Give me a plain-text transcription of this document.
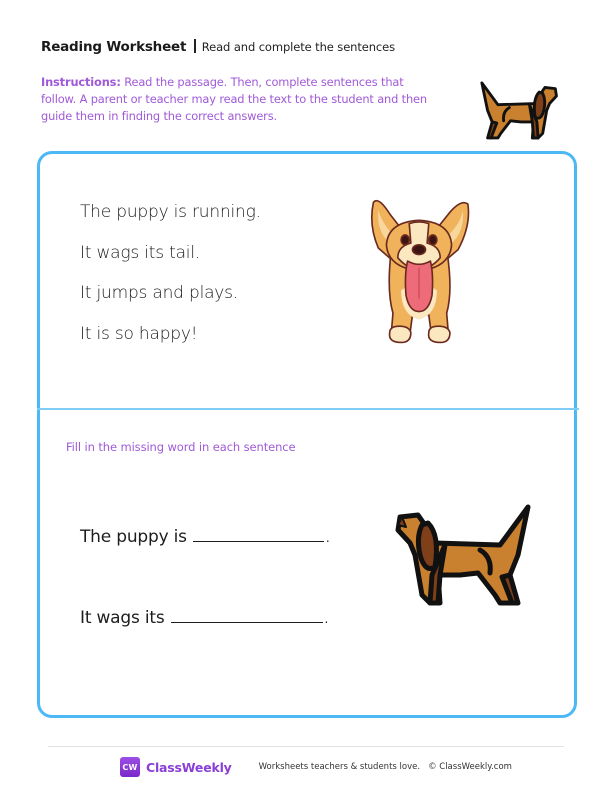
Reading Worksheet Read and complete the sentences
Instructions: Read the passage. Then, complete sentences that follow. A parent or teacher may read the text to the student and then guide them in finding the correct answers.
The puppy is running.
It wags its tail.
It jumps and plays.
It is so happy!
Fill in the missing word in each sentence
The puppy is	.
It wags its	.
CW ClassWeekly	Worksheets teachers & students love. © ClassWeekly.com
